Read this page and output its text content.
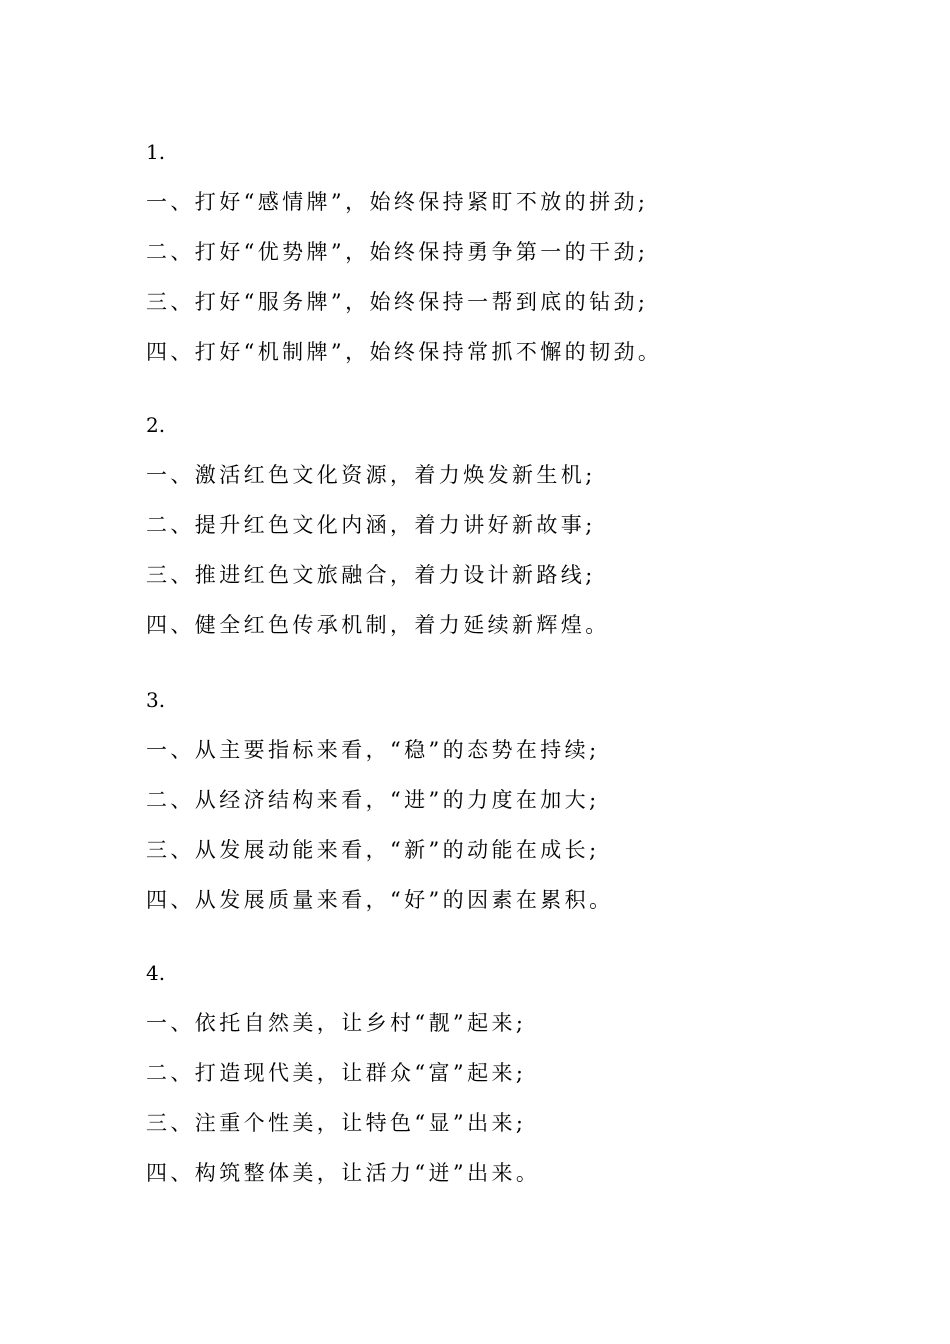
1.
一、打好“感情牌”，始终保持紧盯不放的拼劲;
二、打好“优势牌”，始终保持勇争第一的干劲;
三、打好“服务牌”，始终保持一帮到底的钻劲;
四、打好“机制牌”，始终保持常抓不懈的韧劲。
2.
一、激活红色文化资源，着力焕发新生机;
二、提升红色文化内涵，着力讲好新故事;
三、推进红色文旅融合，着力设计新路线;
四、健全红色传承机制，着力延续新辉煌。
3.
一、从主要指标来看，“稳”的态势在持续;
二、从经济结构来看，“进”的力度在加大;
三、从发展动能来看，“新”的动能在成长;
四、从发展质量来看，“好”的因素在累积。
4.
一、依托自然美，让乡村“靓”起来;
二、打造现代美，让群众“富”起来;
三、注重个性美，让特色“显”出来;
四、构筑整体美，让活力“迸”出来。
